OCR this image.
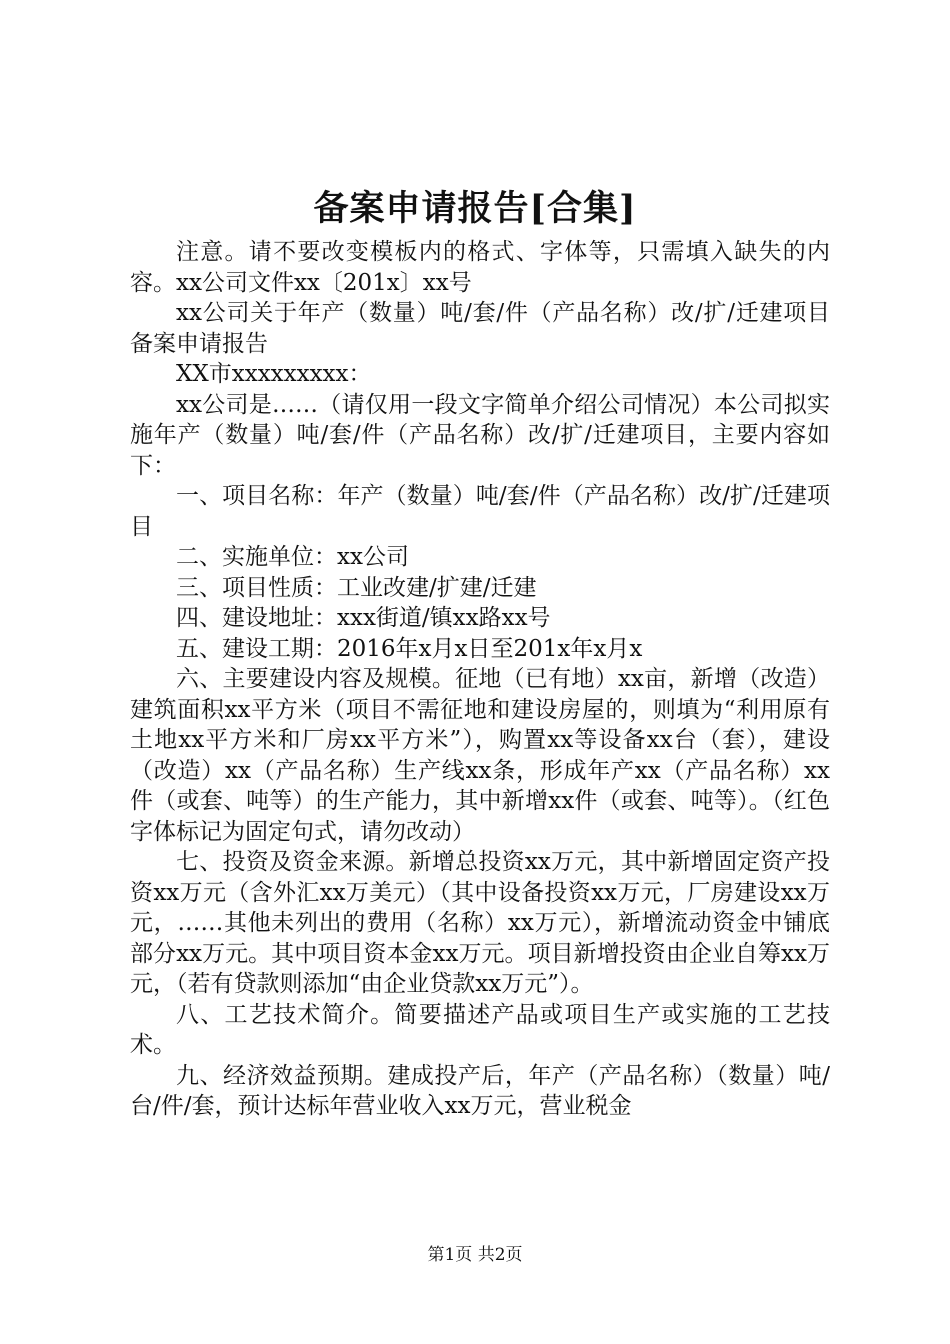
备案申请报告[合集]

注意。请不要改变模板内的格式、字体等，只需填入缺失的内容。xx公司文件xx〔201x〕xx号

xx公司关于年产（数量）吨/套/件（产品名称）改/扩/迁建项目备案申请报告

XX市xxxxxxxxx：

xx公司是……（请仅用一段文字简单介绍公司情况）本公司拟实施年产（数量）吨/套/件（产品名称）改/扩/迁建项目，主要内容如下：

一、项目名称：年产（数量）吨/套/件（产品名称）改/扩/迁建项目

二、实施单位：xx公司

三、项目性质：工业改建/扩建/迁建

四、建设地址：xxx街道/镇xx路xx号

五、建设工期：2016年x月x日至201x年x月x

六、主要建设内容及规模。征地（已有地）xx亩，新增（改造）建筑面积xx平方米（项目不需征地和建设房屋的，则填为“利用原有土地xx平方米和厂房xx平方米”），购置xx等设备xx台（套），建设（改造）xx（产品名称）生产线xx条，形成年产xx（产品名称）xx件（或套、吨等）的生产能力，其中新增xx件（或套、吨等）。（红色字体标记为固定句式，请勿改动）

七、投资及资金来源。新增总投资xx万元，其中新增固定资产投资xx万元（含外汇xx万美元）（其中设备投资xx万元，厂房建设xx万元，……其他未列出的费用（名称）xx万元），新增流动资金中铺底部分xx万元。其中项目资本金xx万元。项目新增投资由企业自筹xx万元，（若有贷款则添加“由企业贷款xx万元”）。

八、工艺技术简介。简要描述产品或项目生产或实施的工艺技术。

九、经济效益预期。建成投产后，年产（产品名称）（数量）吨/台/件/套，预计达标年营业收入xx万元，营业税金

第1页 共2页
